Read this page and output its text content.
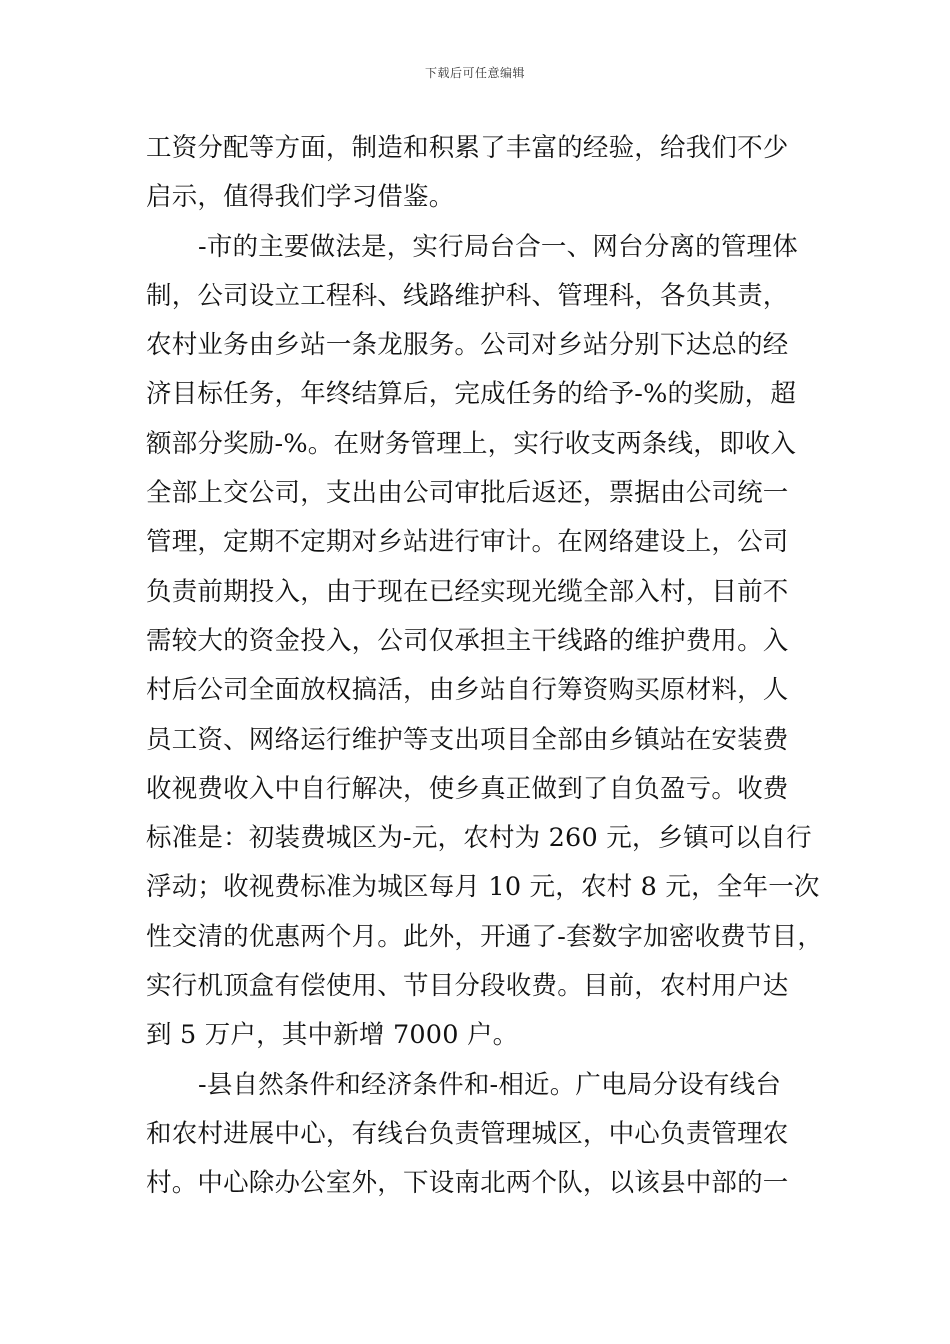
下载后可任意编辑
工资分配等方面，制造和积累了丰富的经验，给我们不少
启示，值得我们学习借鉴。
-市的主要做法是，实行局台合一、网台分离的管理体
制，公司设立工程科、线路维护科、管理科，各负其责，
农村业务由乡站一条龙服务。公司对乡站分别下达总的经
济目标任务，年终结算后，完成任务的给予-%的奖励，超
额部分奖励-%。在财务管理上，实行收支两条线，即收入
全部上交公司，支出由公司审批后返还，票据由公司统一
管理，定期不定期对乡站进行审计。在网络建设上，公司
负责前期投入，由于现在已经实现光缆全部入村，目前不
需较大的资金投入，公司仅承担主干线路的维护费用。入
村后公司全面放权搞活，由乡站自行筹资购买原材料，人
员工资、网络运行维护等支出项目全部由乡镇站在安装费
收视费收入中自行解决，使乡真正做到了自负盈亏。收费
标准是：初装费城区为-元，农村为 260 元，乡镇可以自行
浮动；收视费标准为城区每月 10 元，农村 8 元，全年一次
性交清的优惠两个月。此外，开通了-套数字加密收费节目，
实行机顶盒有偿使用、节目分段收费。目前，农村用户达
到 5 万户，其中新增 7000 户。
-县自然条件和经济条件和-相近。广电局分设有线台
和农村进展中心，有线台负责管理城区，中心负责管理农
村。中心除办公室外，下设南北两个队，以该县中部的一
